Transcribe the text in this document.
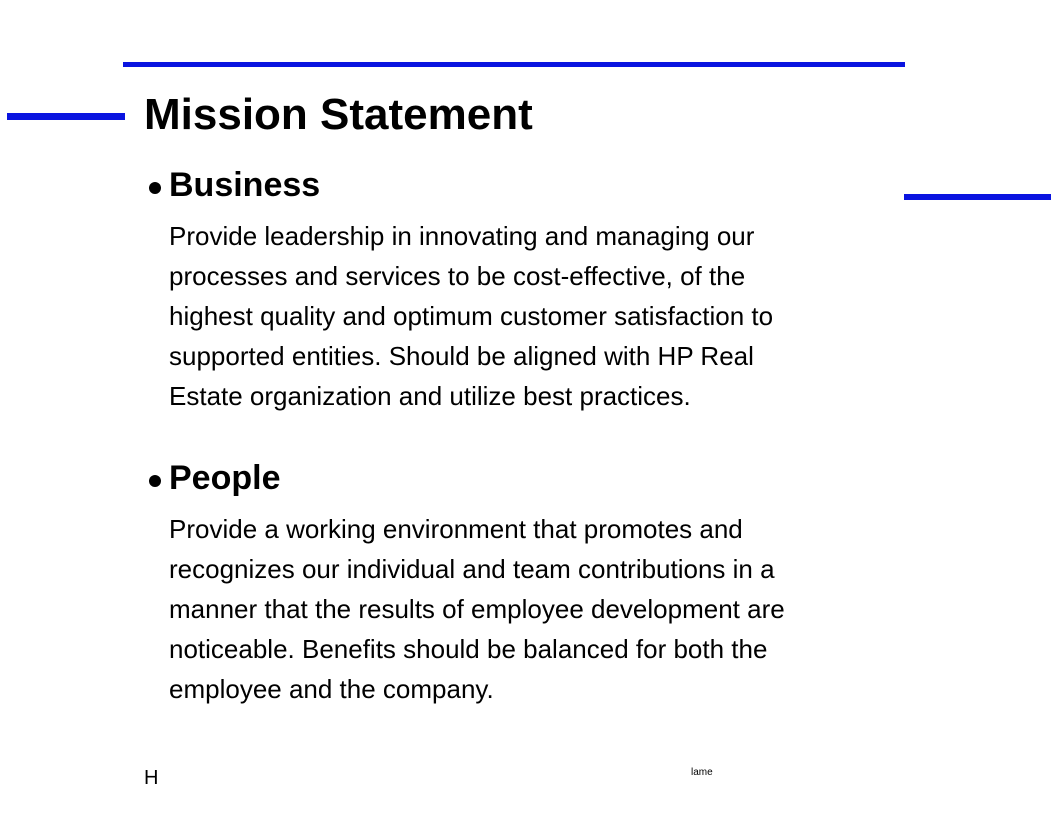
Mission Statement

Business

Provide leadership in innovating and managing our

processes and services to be cost-effective, of the

highest quality and optimum customer satisfaction to

supported entities. Should be aligned with HP Real

Estate organization and utilize best practices.

People

Provide a working environment that promotes and

recognizes our individual and team contributions in a

manner that the results of employee development are

noticeable. Benefits should be balanced for both the

employee and the company.

H	lame
